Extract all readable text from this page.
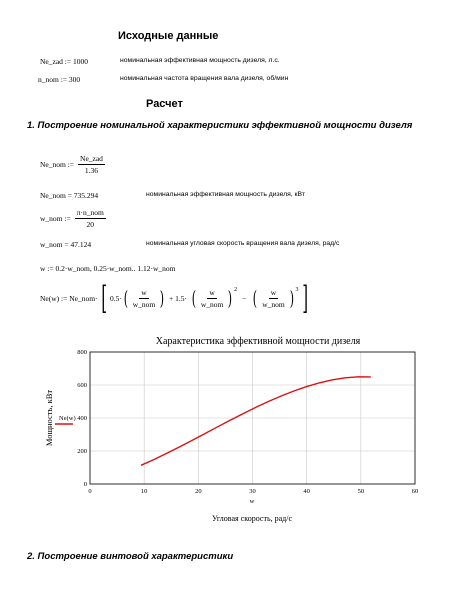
Исходные данные
Ne_zad := 1000	номинальная эффективная мощность дизеля, л.с.
n_nom := 300	номинальная частота вращения вала дизеля, об/мин
Расчет
1. Построение номинальной характеристики эффективной мощности дизеля
Ne_nom := $\frac{\text{Ne\_zad}}{1.36}$
Ne_nom = 735.294	номинальная эффективная мощность дизеля, кВт
w_nom := $\frac{\text{π·n\_nom}}{20}$
w_nom = 47.124	номинальная угловая скорость вращения вала дизеля, рад/с
w := 0.2·w_nom, 0.25·w_nom.. 1.12·w_nom
Ne(w) := Ne_nom· [ 0.5· ( $\frac{w}{\text{w\_nom}}$ ) + 1.5· ( $\frac{w}{\text{w\_nom}}$ ) $^2$
− ( $\frac{w}{\text{w\_nom}}$ ) $^3$ ]
Характеристика эффективной мощности дизеля
0	10	20	30	40	50	60
0
200
400
600
800
w
Угловая скорость, рад/с
Мощность, кВт Ne(w)
2. Построение винтовой характеристики
